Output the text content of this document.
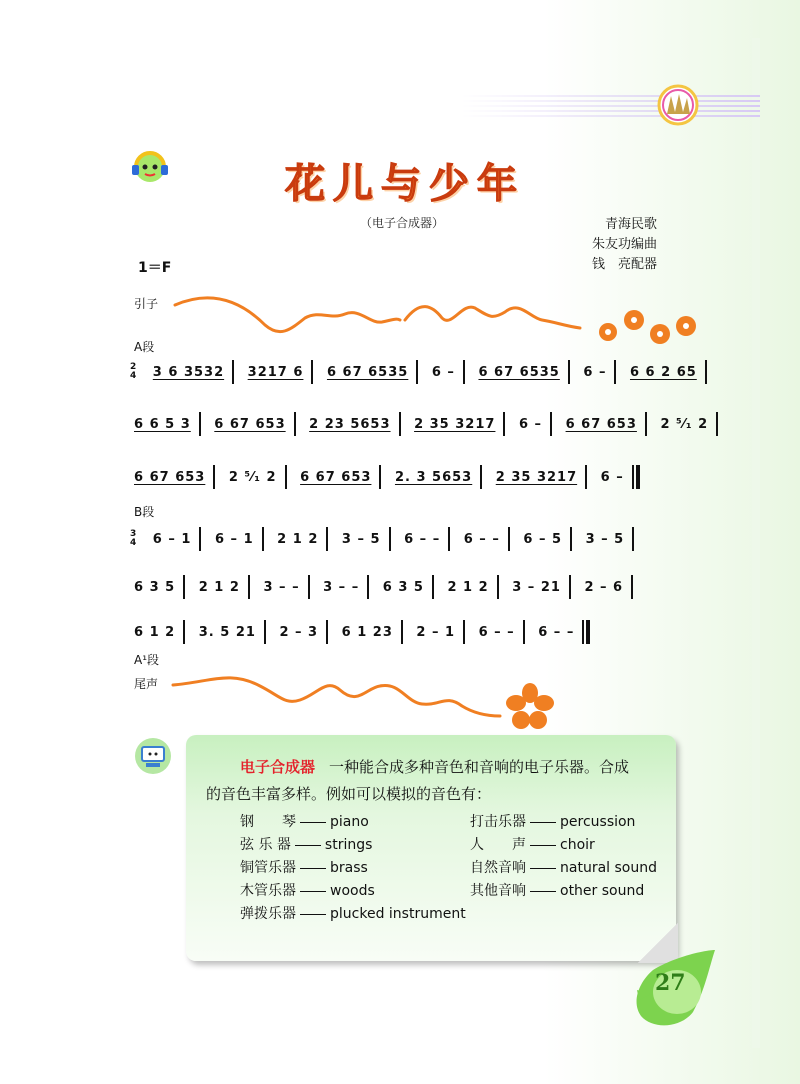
花儿与少年
（电子合成器）	青海民歌
朱友功编曲
钱　亮配器
1＝F
引子
A段
2
4 3 6 3532 3217 6 6 67 6535 6 – 6 67 6535 6 – 6 6 2 65
6 6 5 3 6 67 653 2 23 5653 2 35 3217 6 – 6 67 653 2 ⁵⁄₁ 2
6 67 653 2 ⁵⁄₁ 2 6 67 653 2. 3 5653 2 35 3217 6 –
B段
3
4 6 – 1 6 – 1 2 1 2 3 – 5 6 – – 6 – – 6 – 5 3 – 5
6 3 5 2 1 2 3 – – 3 – – 6 3 5 2 1 2 3 – 21 2 – 6
6 1 2 3. 5 21 2 – 3 6 1 23 2 – 1 6 – – 6 – –
A¹段
尾声
电子合成器 一种能合成多种音色和音响的电子乐器。合成
的音色丰富多样。例如可以模拟的音色有：
钢　　琴 piano
弦 乐 器 strings
铜管乐器 brass
木管乐器 woods
弹拨乐器 plucked instrument
打击乐器 percussion
人　　声 choir
自然音响 natural sound
其他音响 other sound
27
